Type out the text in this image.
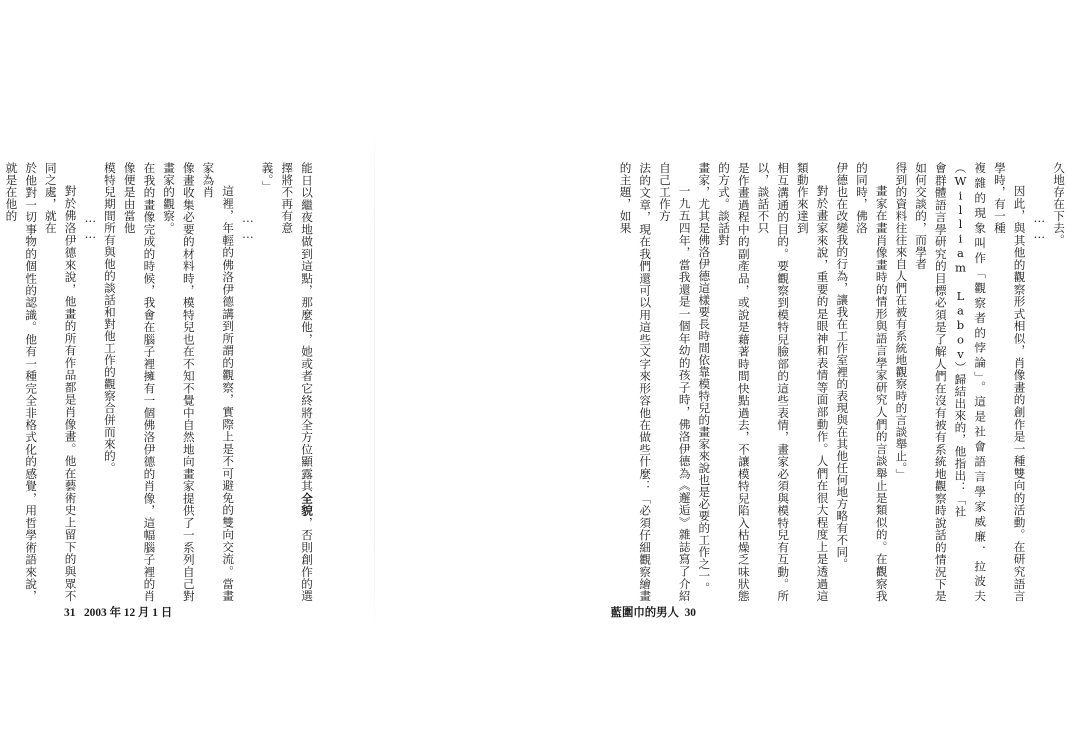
久地存在下去。

……

因此，與其他的觀察形式相似，肖像畫的創作是一種雙向的活動。在研究語言學時，有一種

複雜的現象叫作「觀察者的悖論」。這是社會語言學家威廉．拉波夫（William Labov）歸結出來的，他指出：「社

會群體語言學研究的目標必須是了解人們在沒有被有系統地觀察時說話的情況下是如何交談的，而學者

得到的資料往往來自人們在被有系統地觀察時的言談舉止。」

畫家在畫肖像畫時的情形與語言學家研究人們的言談舉止是類似的。在觀察我的同時，佛洛

伊德也在改變我的行為，讓我在工作室裡的表現與在其他任何地方略有不同。

對於畫家來說，重要的是眼神和表情等面部動作。人們在很大程度上是透過這類動作來達到

相互溝通的目的。要觀察到模特兒臉部的這些表情，畫家必須與模特兒有互動。所以，談話不只

是作畫過程中的副產品，或說是藉著時間快點過去，不讓模特兒陷入枯燥乏味狀態的方式。談話對

畫家，尤其是佛洛伊德這樣要長時間依靠模特兒的畫家來說也是必要的工作之一。

一九五四年，當我還是一個年幼的孩子時，佛洛伊德為《邂逅》雜誌寫了介紹自己工作方

法的文章，現在我們還可以用這些文字來形容他在做些什麼：「必須仔細觀察繪畫的主題，如果

藍圍巾的男人 30

能日以繼夜地做到這點，那麼他，她或者它終將全方位顯露其全貌，否則創作的選擇將不再有意

義。」

……

這裡，年輕的佛洛伊德講到所謂的觀察，實際上是不可避免的雙向交流。當畫家為肖

像畫收集必要的材料時，模特兒也在不知不覺中自然地向畫家提供了一系列自己對畫家的觀察。

在我的畫像完成的時候，我會在腦子裡擁有一個佛洛伊德的肖像，這幅腦子裡的肖像便是由當他

模特兒期間所有與他的談話和對他工作的觀察合併而來的。

……

對於佛洛伊德來說，他畫的所有作品都是肖像畫。他在藝術史上留下的與眾不同之處，就在

於他對一切事物的個性的認識。他有一種完全非格式化的感覺，用哲學術語來說，就是在他的

31 2003 年 12 月 1 日
